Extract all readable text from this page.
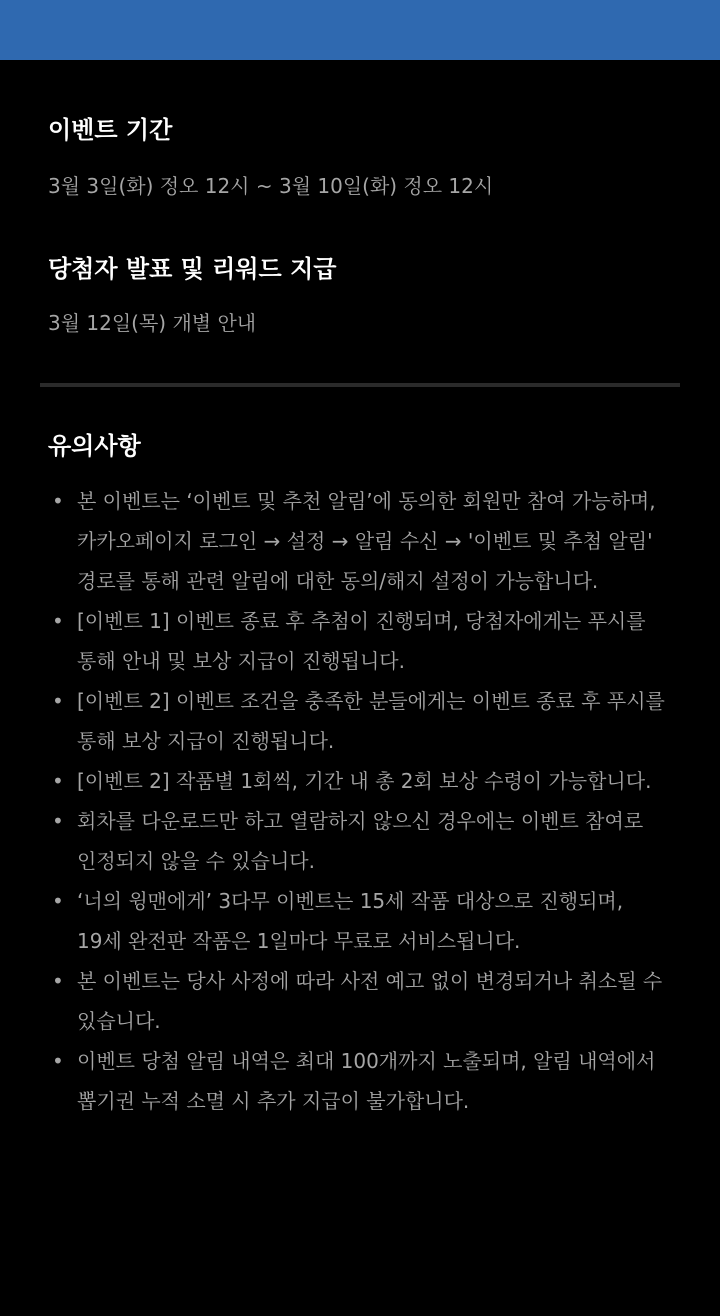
이벤트 기간
3월 3일(화) 정오 12시 ~ 3월 10일(화) 정오 12시
당첨자 발표 및 리워드 지급
3월 12일(목) 개별 안내
유의사항
• 본 이벤트는 ‘이벤트 및 추천 알림’에 동의한 회원만 참여 가능하며, 카카오페이지 로그인 → 설정 → 알림 수신 → '이벤트 및 추첨 알림' 경로를 통해 관련 알림에 대한 동의/해지 설정이 가능합니다.
• [이벤트 1] 이벤트 종료 후 추첨이 진행되며, 당첨자에게는 푸시를 통해 안내 및 보상 지급이 진행됩니다.
• [이벤트 2] 이벤트 조건을 충족한 분들에게는 이벤트 종료 후 푸시를 통해 보상 지급이 진행됩니다.
• [이벤트 2] 작품별 1회씩, 기간 내 총 2회 보상 수령이 가능합니다.
• 회차를 다운로드만 하고 열람하지 않으신 경우에는 이벤트 참여로 인정되지 않을 수 있습니다.
• ‘너의 윙맨에게’ 3다무 이벤트는 15세 작품 대상으로 진행되며, 19세 완전판 작품은 1일마다 무료로 서비스됩니다.
• 본 이벤트는 당사 사정에 따라 사전 예고 없이 변경되거나 취소될 수 있습니다.
• 이벤트 당첨 알림 내역은 최대 100개까지 노출되며, 알림 내역에서 뽑기권 누적 소멸 시 추가 지급이 불가합니다.
